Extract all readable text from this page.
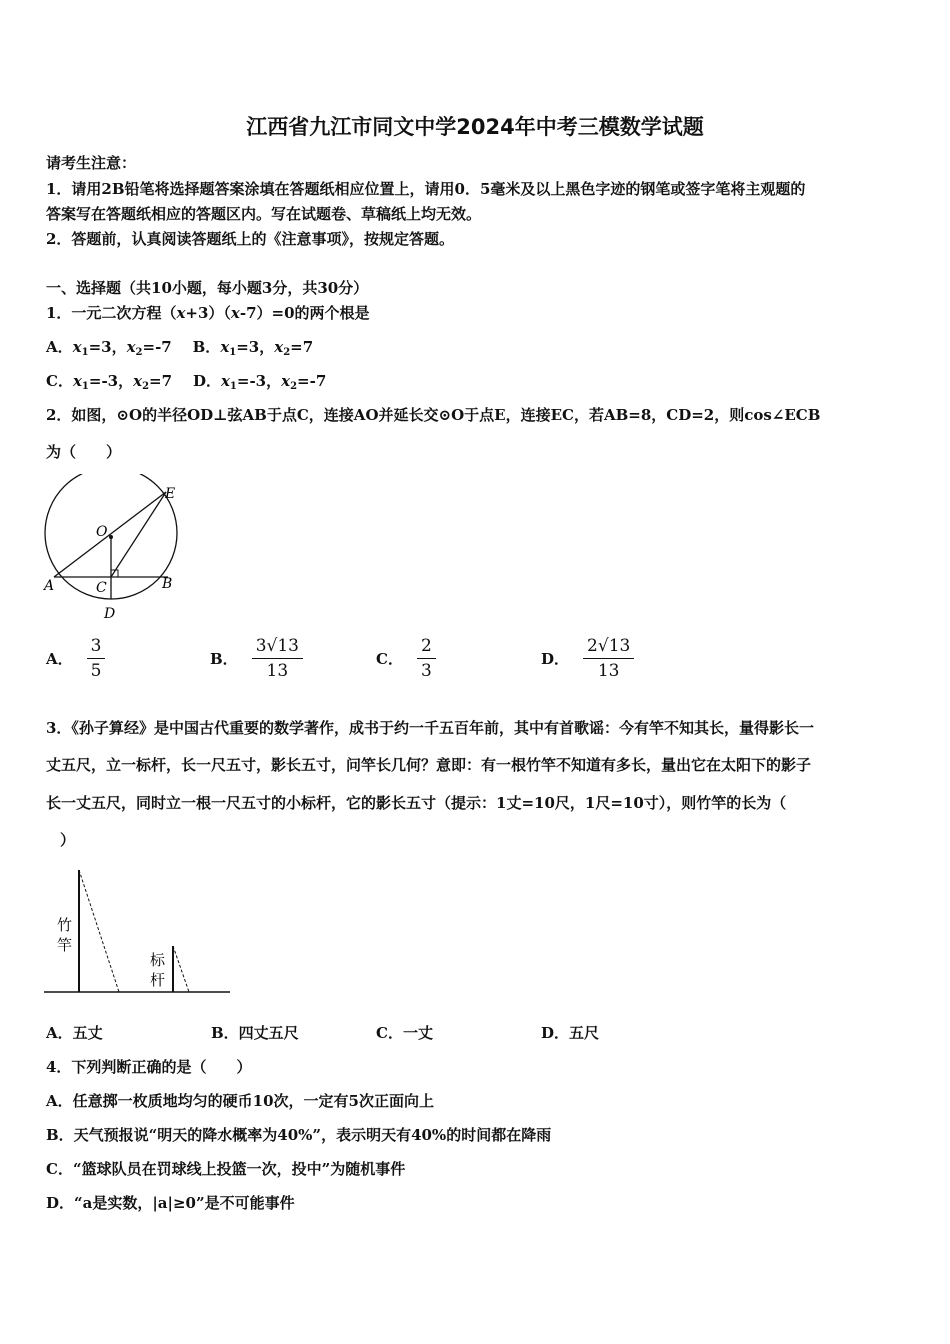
江西省九江市同文中学2024年中考三模数学试题
请考生注意：
1．请用2B铅笔将选择题答案涂填在答题纸相应位置上，请用0．5毫米及以上黑色字迹的钢笔或签字笔将主观题的
答案写在答题纸相应的答题区内。写在试题卷、草稿纸上均无效。
2．答题前，认真阅读答题纸上的《注意事项》，按规定答题。
一、选择题（共10小题，每小题3分，共30分）
1．一元二次方程（x+3）（x-7）=0的两个根是
A．$x_1=3$，$x_2=-7$ B．$x_1=3$，$x_2=7$
C．$x_1=-3$，$x_2=7$ D．$x_1=-3$，$x_2=-7$
2．如图，⊙O的半径OD⊥弦AB于点C，连接AO并延长交⊙O于点E，连接EC，若AB=8，CD=2，则cos∠ECB
为（　　）
A	B
C
D
E
O
A． $\frac{3}{5}$	B． $\frac{3√13}{13}$	C． $\frac{2}{3}$	D． $\frac{2√13}{13}$
3．《孙子算经》是中国古代重要的数学著作，成书于约一千五百年前，其中有首歌谣：今有竿不知其长，量得影长一
丈五尺，立一标杆，长一尺五寸，影长五寸，问竿长几何？意即：有一根竹竿不知道有多长，量出它在太阳下的影子
长一丈五尺，同时立一根一尺五寸的小标杆，它的影长五寸（提示：1丈=10尺，1尺=10寸），则竹竿的长为（
）
竹
竿
标
杆
A．五丈	B．四丈五尺	C．一丈	D．五尺
4．下列判断正确的是（　　）
A．任意掷一枚质地均匀的硬币10次，一定有5次正面向上
B．天气预报说“明天的降水概率为40%”，表示明天有40%的时间都在降雨
C．“篮球队员在罚球线上投篮一次，投中”为随机事件
D．“a是实数，|a|≥0”是不可能事件
